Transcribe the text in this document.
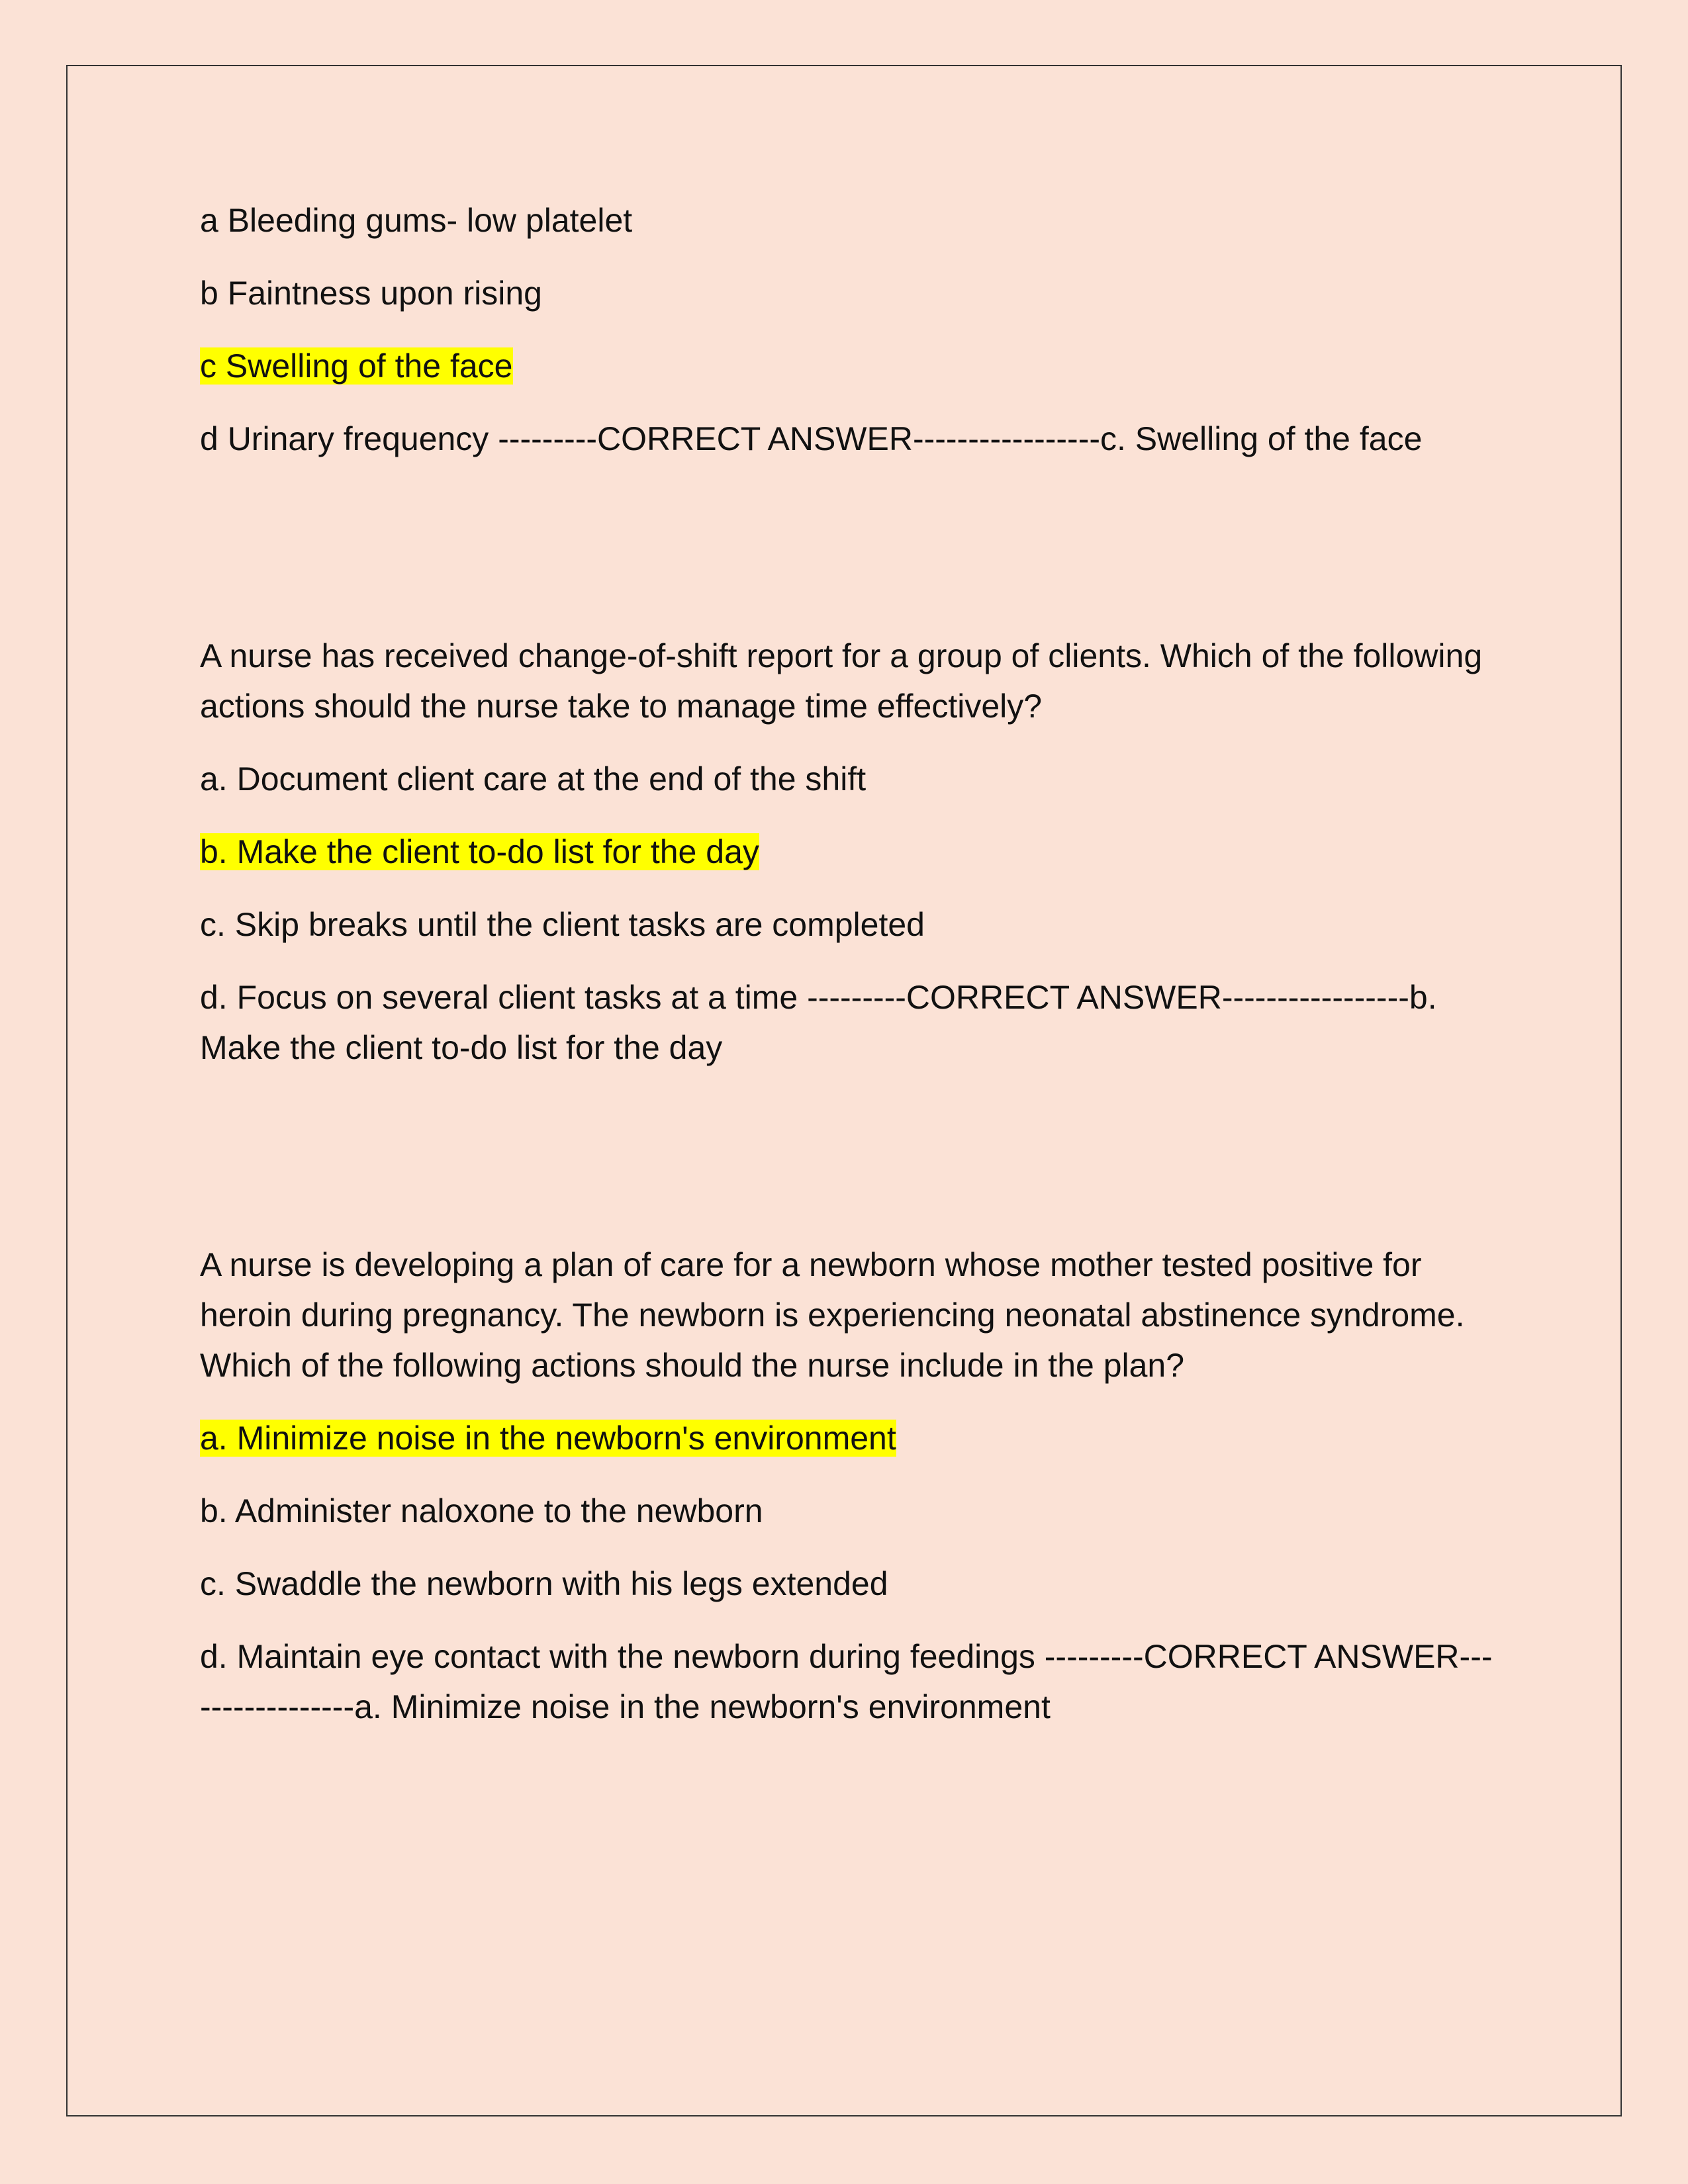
a Bleeding gums- low platelet

b Faintness upon rising

c Swelling of the face

d Urinary frequency ---------CORRECT ANSWER-----------------c. Swelling of the face

A nurse has received change-of-shift report for a group of clients. Which of the following actions should the nurse take to manage time effectively?

a. Document client care at the end of the shift

b. Make the client to-do list for the day

c. Skip breaks until the client tasks are completed

d. Focus on several client tasks at a time ---------CORRECT ANSWER-----------------b. Make the client to-do list for the day

A nurse is developing a plan of care for a newborn whose mother tested positive for heroin during pregnancy. The newborn is experiencing neonatal abstinence syndrome. Which of the following actions should the nurse include in the plan?

a. Minimize noise in the newborn's environment

b. Administer naloxone to the newborn

c. Swaddle the newborn with his legs extended

d. Maintain eye contact with the newborn during feedings ---------CORRECT ANSWER-----------------a. Minimize noise in the newborn's environment
